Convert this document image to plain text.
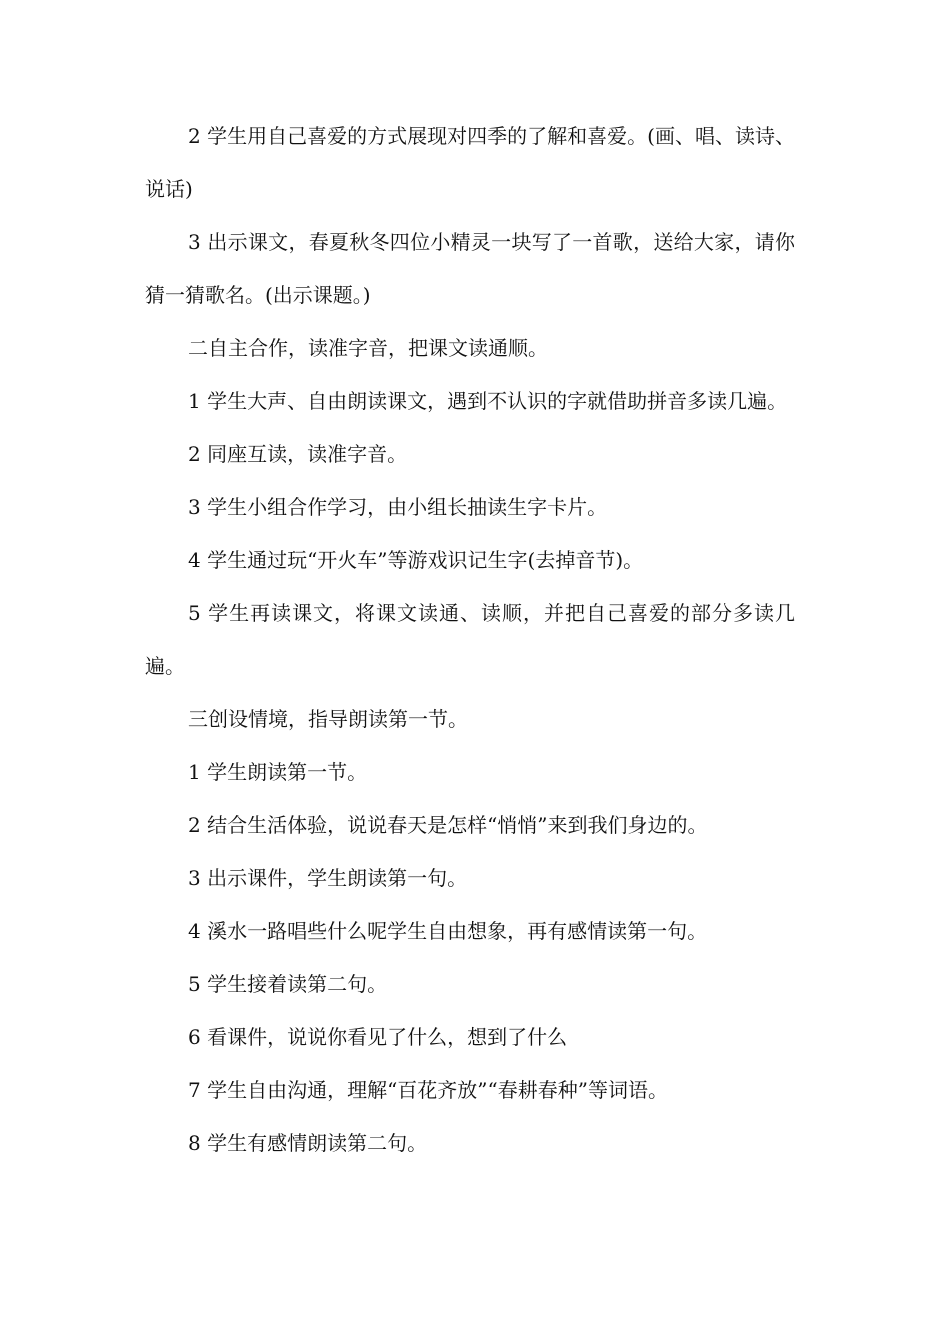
2 学生用自己喜爱的方式展现对四季的了解和喜爱。(画、唱、读诗、说话)

3 出示课文，春夏秋冬四位小精灵一块写了一首歌，送给大家，请你猜一猜歌名。(出示课题。)

二自主合作，读准字音，把课文读通顺。

1 学生大声、自由朗读课文，遇到不认识的字就借助拼音多读几遍。

2 同座互读，读准字音。

3 学生小组合作学习，由小组长抽读生字卡片。

4 学生通过玩“开火车”等游戏识记生字(去掉音节)。

5 学生再读课文，将课文读通、读顺，并把自己喜爱的部分多读几遍。

三创设情境，指导朗读第一节。

1 学生朗读第一节。

2 结合生活体验，说说春天是怎样“悄悄”来到我们身边的。

3 出示课件，学生朗读第一句。

4 溪水一路唱些什么呢学生自由想象，再有感情读第一句。

5 学生接着读第二句。

6 看课件，说说你看见了什么，想到了什么

7 学生自由沟通，理解“百花齐放”“春耕春种”等词语。

8 学生有感情朗读第二句。
